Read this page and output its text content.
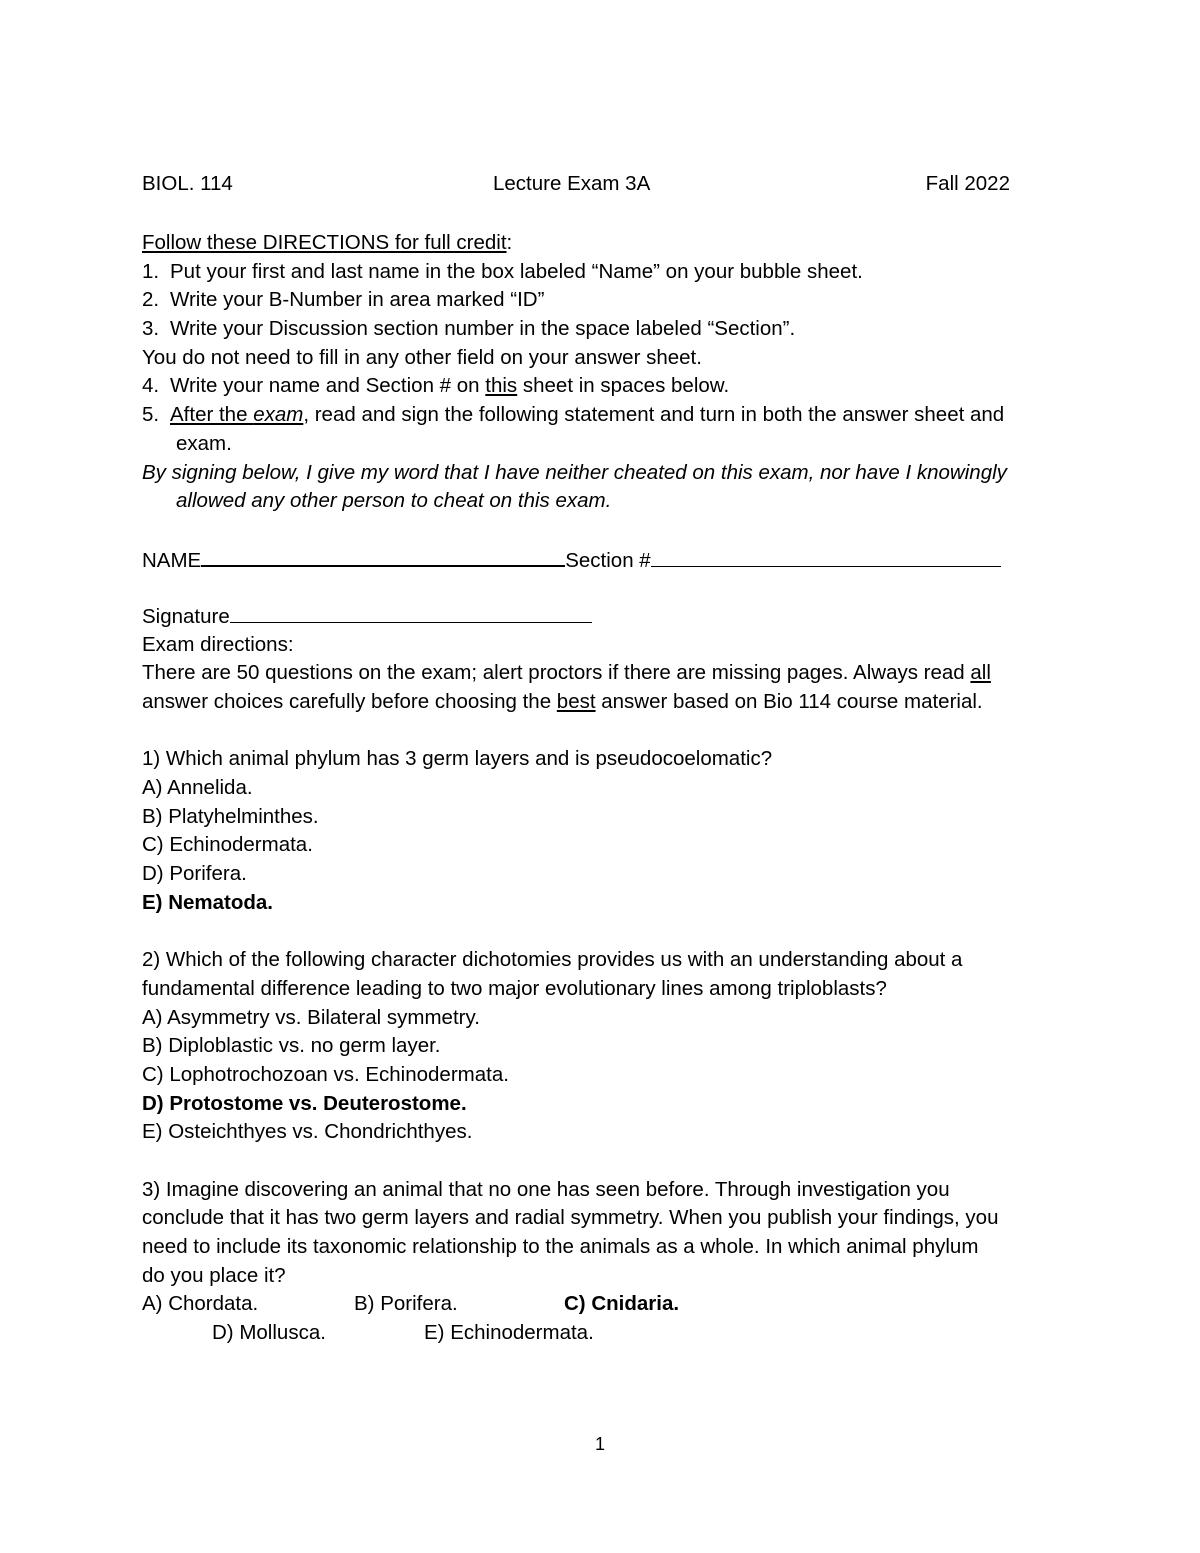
BIOL. 114	Lecture Exam 3A	Fall 2022
Follow these DIRECTIONS for full credit:
1. Put your first and last name in the box labeled “Name” on your bubble sheet.
2. Write your B-Number in area marked “ID”
3. Write your Discussion section number in the space labeled “Section”.
You do not need to fill in any other field on your answer sheet.
4. Write your name and Section # on this sheet in spaces below.
5. After the exam, read and sign the following statement and turn in both the answer sheet and
exam.
By signing below, I give my word that I have neither cheated on this exam, nor have I knowingly
allowed any other person to cheat on this exam.
NAME	Section #
Signature
Exam directions:
There are 50 questions on the exam; alert proctors if there are missing pages. Always read all
answer choices carefully before choosing the best answer based on Bio 114 course material.
1) Which animal phylum has 3 germ layers and is pseudocoelomatic?
A) Annelida.
B) Platyhelminthes.
C) Echinodermata.
D) Porifera.
E) Nematoda.
2) Which of the following character dichotomies provides us with an understanding about a
fundamental difference leading to two major evolutionary lines among triploblasts?
A) Asymmetry vs. Bilateral symmetry.
B) Diploblastic vs. no germ layer.
C) Lophotrochozoan vs. Echinodermata.
D) Protostome vs. Deuterostome.
E) Osteichthyes vs. Chondrichthyes.
3) Imagine discovering an animal that no one has seen before. Through investigation you
conclude that it has two germ layers and radial symmetry. When you publish your findings, you
need to include its taxonomic relationship to the animals as a whole. In which animal phylum
do you place it?
A) Chordata.	B) Porifera.	C) Cnidaria.
D) Mollusca.	E) Echinodermata.
1
